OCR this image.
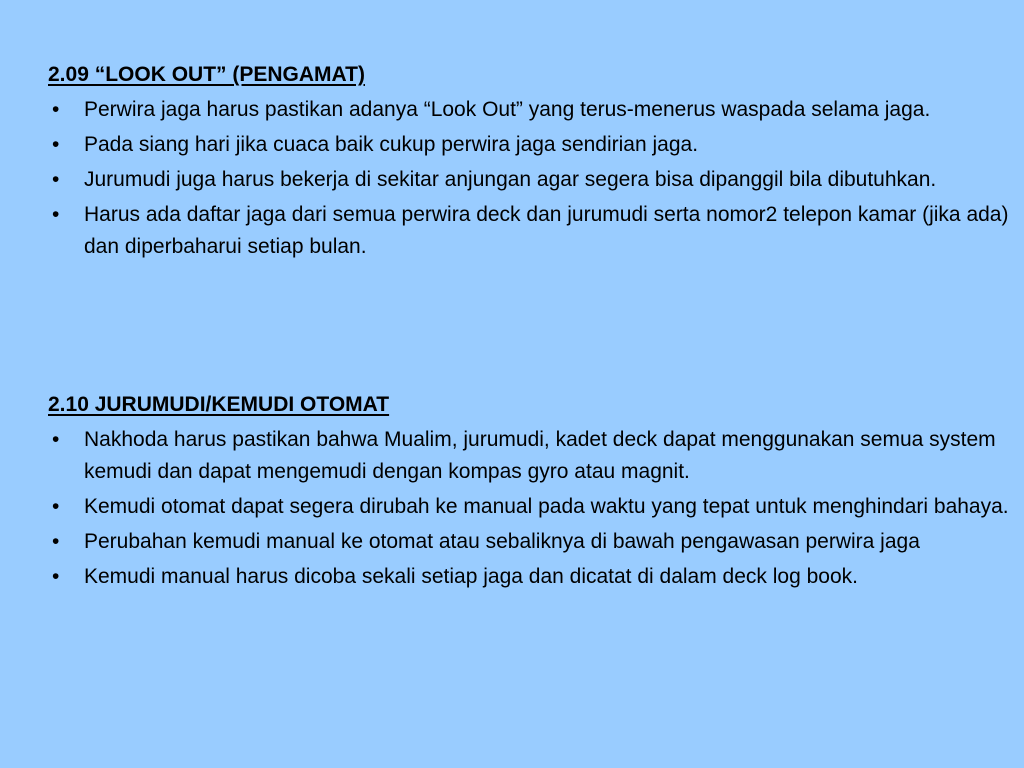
2.09 “LOOK OUT” (PENGAMAT)
• Perwira jaga harus pastikan adanya “Look Out” yang terus-menerus waspada selama jaga.
• Pada siang hari jika cuaca baik cukup perwira jaga sendirian jaga.
• Jurumudi juga harus bekerja di sekitar anjungan agar segera bisa dipanggil bila dibutuhkan.
• Harus ada daftar jaga dari semua perwira deck dan jurumudi serta nomor2 telepon kamar (jika ada) dan diperbaharui setiap bulan.
2.10 JURUMUDI/KEMUDI OTOMAT
• Nakhoda harus pastikan bahwa Mualim, jurumudi, kadet deck dapat menggunakan semua system kemudi dan dapat mengemudi dengan kompas gyro atau magnit.
• Kemudi otomat dapat segera dirubah ke manual pada waktu yang tepat untuk menghindari bahaya.
• Perubahan kemudi manual ke otomat atau sebaliknya di bawah pengawasan perwira jaga
• Kemudi manual harus dicoba sekali setiap jaga dan dicatat di dalam deck log book.
